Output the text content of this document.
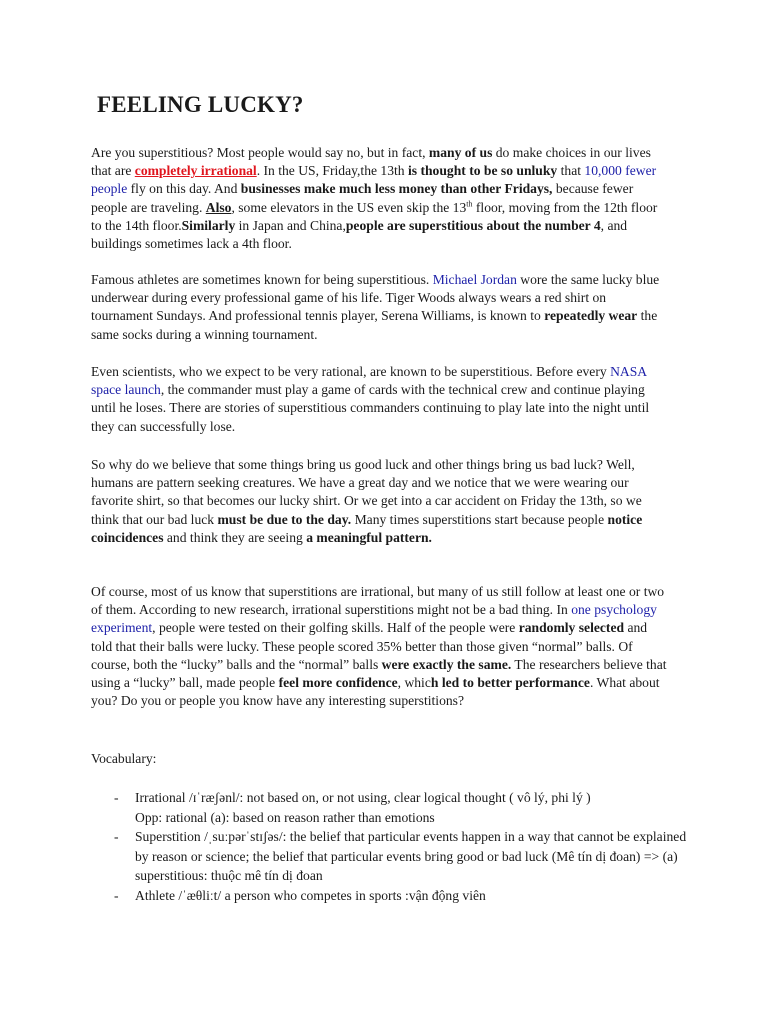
FEELING LUCKY?

Are you superstitious? Most people would say no, but in fact, many of us do make choices in our lives that are completely irrational. In the US, Friday,the 13th is thought to be so unluky that 10,000 fewer people fly on this day. And businesses make much less money than other Fridays, because fewer people are traveling. Also, some elevators in the US even skip the 13th floor, moving from the 12th floor to the 14th floor.Similarly in Japan and China,people are superstitious about the number 4, and buildings sometimes lack a 4th floor.

Famous athletes are sometimes known for being superstitious. Michael Jordan wore the same lucky blue underwear during every professional game of his life. Tiger Woods always wears a red shirt on tournament Sundays. And professional tennis player, Serena Williams, is known to repeatedly wear the same socks during a winning tournament.

Even scientists, who we expect to be very rational, are known to be superstitious. Before every NASA space launch, the commander must play a game of cards with the technical crew and continue playing until he loses. There are stories of superstitious commanders continuing to play late into the night until they can successfully lose.

So why do we believe that some things bring us good luck and other things bring us bad luck? Well, humans are pattern seeking creatures. We have a great day and we notice that we were wearing our favorite shirt, so that becomes our lucky shirt. Or we get into a car accident on Friday the 13th, so we think that our bad luck must be due to the day. Many times superstitions start because people notice coincidences and think they are seeing a meaningful pattern.

Of course, most of us know that superstitions are irrational, but many of us still follow at least one or two of them. According to new research, irrational superstitions might not be a bad thing. In one psychology experiment, people were tested on their golfing skills. Half of the people were randomly selected and told that their balls were lucky. These people scored 35% better than those given “normal” balls. Of course, both the “lucky” balls and the “normal” balls were exactly the same. The researchers believe that using a “lucky” ball, made people feel more confidence, which led to better performance. What about you? Do you or people you know have any interesting superstitions?

Vocabulary:

- Irrational /ɪˈræʃənl/: not based on, or not using, clear logical thought ( vô lý, phi lý )
Opp: rational (a): based on reason rather than emotions
- Superstition /ˌsuːpərˈstɪʃəs/: the belief that particular events happen in a way that cannot be explained by reason or science; the belief that particular events bring good or bad luck (Mê tín dị đoan) => (a) superstitious: thuộc mê tín dị đoan
- Athlete /ˈæθliːt/ a person who competes in sports :vận động viên
